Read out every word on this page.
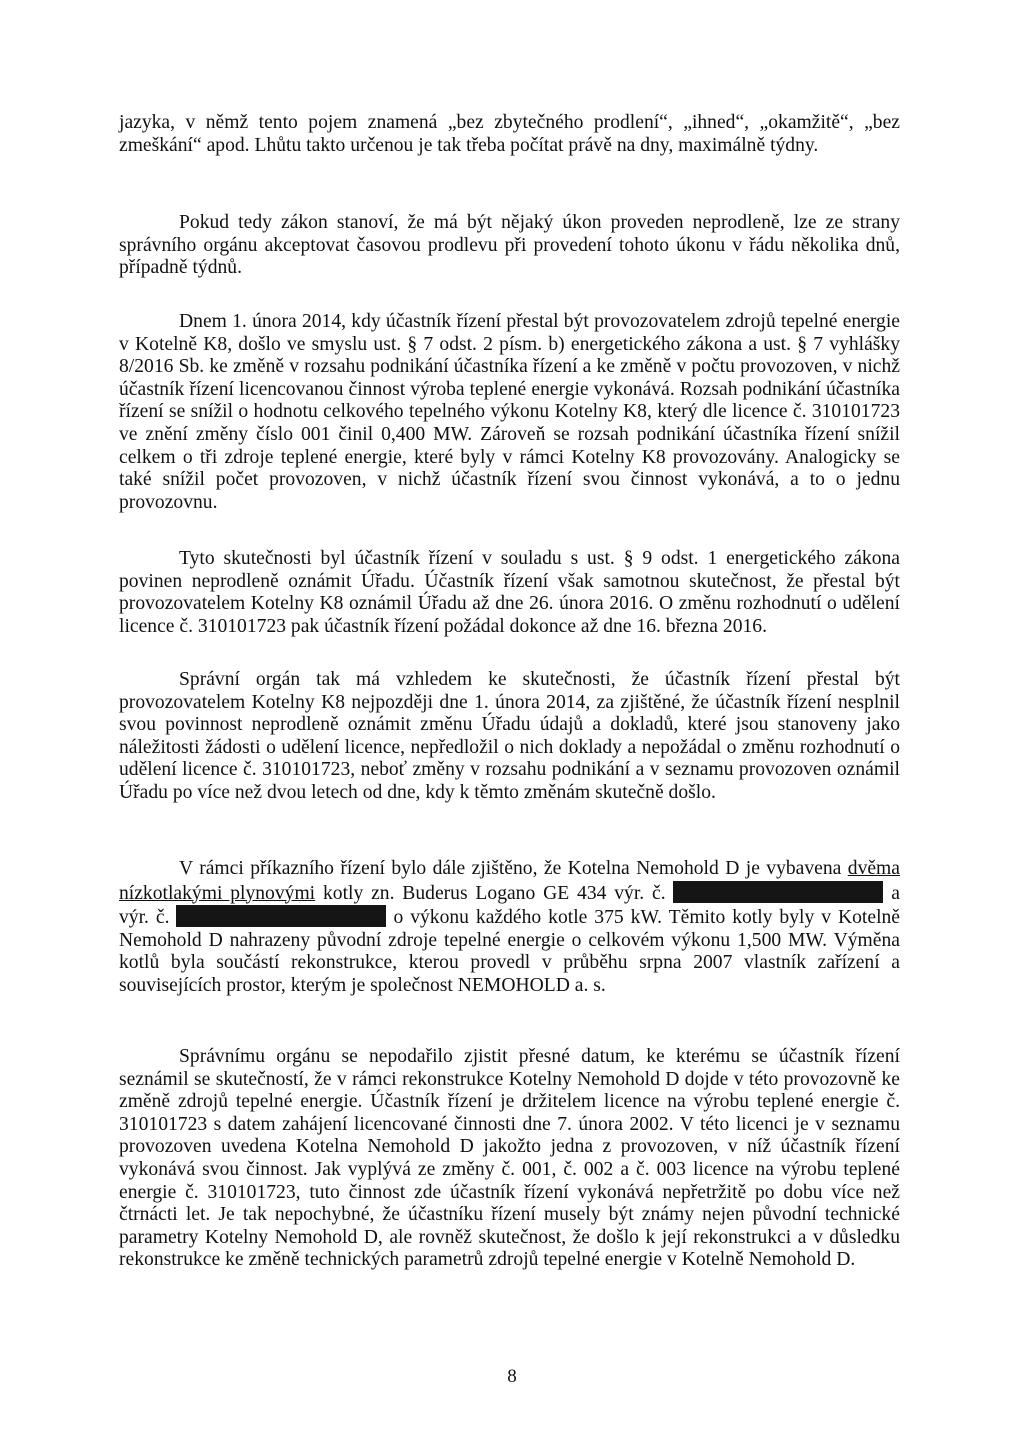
jazyka, v němž tento pojem znamená „bez zbytečného prodlení“, „ihned“, „okamžitě“, „bez zmeškání“ apod. Lhůtu takto určenou je tak třeba počítat právě na dny, maximálně týdny.

Pokud tedy zákon stanoví, že má být nějaký úkon proveden neprodleně, lze ze strany správního orgánu akceptovat časovou prodlevu při provedení tohoto úkonu v řádu několika dnů, případně týdnů.

Dnem 1. února 2014, kdy účastník řízení přestal být provozovatelem zdrojů tepelné energie v Kotelně K8, došlo ve smyslu ust. § 7 odst. 2 písm. b) energetického zákona a ust. § 7 vyhlášky 8/2016 Sb. ke změně v rozsahu podnikání účastníka řízení a ke změně v počtu provozoven, v nichž účastník řízení licencovanou činnost výroba teplené energie vykonává. Rozsah podnikání účastníka řízení se snížil o hodnotu celkového tepelného výkonu Kotelny K8, který dle licence č. 310101723 ve znění změny číslo 001 činil 0,400 MW. Zároveň se rozsah podnikání účastníka řízení snížil celkem o tři zdroje teplené energie, které byly v rámci Kotelny K8 provozovány. Analogicky se také snížil počet provozoven, v nichž účastník řízení svou činnost vykonává, a to o jednu provozovnu.

Tyto skutečnosti byl účastník řízení v souladu s ust. § 9 odst. 1 energetického zákona povinen neprodleně oznámit Úřadu. Účastník řízení však samotnou skutečnost, že přestal být provozovatelem Kotelny K8 oznámil Úřadu až dne 26. února 2016. O změnu rozhodnutí o udělení licence č. 310101723 pak účastník řízení požádal dokonce až dne 16. března 2016.

Správní orgán tak má vzhledem ke skutečnosti, že účastník řízení přestal být provozovatelem Kotelny K8 nejpozději dne 1. února 2014, za zjištěné, že účastník řízení nesplnil svou povinnost neprodleně oznámit změnu Úřadu údajů a dokladů, které jsou stanoveny jako náležitosti žádosti o udělení licence, nepředložil o nich doklady a nepožádal o změnu rozhodnutí o udělení licence č. 310101723, neboť změny v rozsahu podnikání a v seznamu provozoven oznámil Úřadu po více než dvou letech od dne, kdy k těmto změnám skutečně došlo.

V rámci příkazního řízení bylo dále zjištěno, že Kotelna Nemohold D je vybavena dvěma nízkotlakými plynovými kotly zn. Buderus Logano GE 434 výr. č.	a výr. č.	o výkonu každého kotle 375 kW. Těmito kotly byly v Kotelně Nemohold D nahrazeny původní zdroje tepelné energie o celkovém výkonu 1,500 MW. Výměna kotlů byla součástí rekonstrukce, kterou provedl v průběhu srpna 2007 vlastník zařízení a souvisejících prostor, kterým je společnost NEMOHOLD a. s.

Správnímu orgánu se nepodařilo zjistit přesné datum, ke kterému se účastník řízení seznámil se skutečností, že v rámci rekonstrukce Kotelny Nemohold D dojde v této provozovně ke změně zdrojů tepelné energie. Účastník řízení je držitelem licence na výrobu teplené energie č. 310101723 s datem zahájení licencované činnosti dne 7. února 2002. V této licenci je v seznamu provozoven uvedena Kotelna Nemohold D jakožto jedna z provozoven, v níž účastník řízení vykonává svou činnost. Jak vyplývá ze změny č. 001, č. 002 a č. 003 licence na výrobu teplené energie č. 310101723, tuto činnost zde účastník řízení vykonává nepřetržitě po dobu více než čtrnácti let. Je tak nepochybné, že účastníku řízení musely být známy nejen původní technické parametry Kotelny Nemohold D, ale rovněž skutečnost, že došlo k její rekonstrukci a v důsledku rekonstrukce ke změně technických parametrů zdrojů tepelné energie v Kotelně Nemohold D.

8
